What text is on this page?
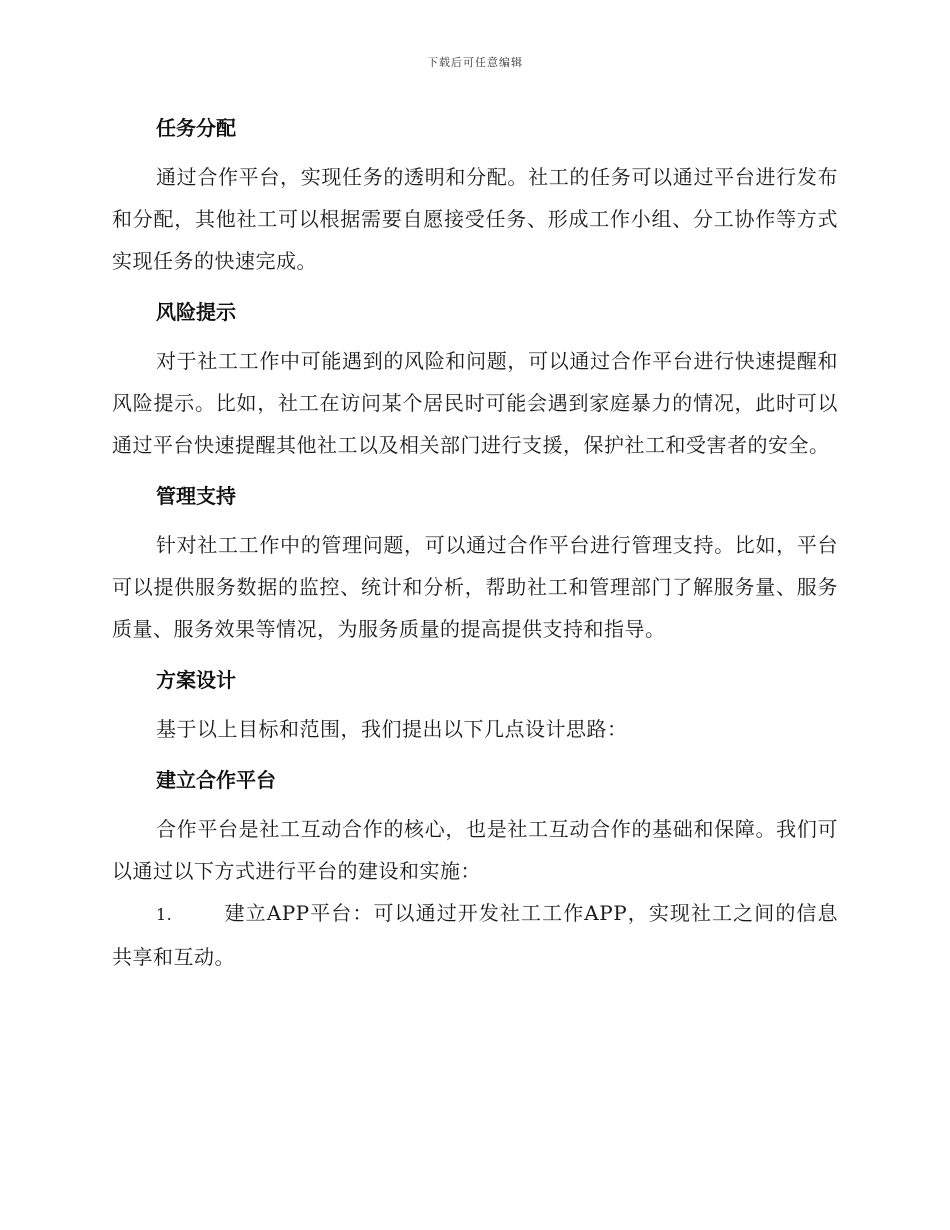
下载后可任意编辑
任务分配

通过合作平台，实现任务的透明和分配。社工的任务可以通过平台进行发布和分配，其他社工可以根据需要自愿接受任务、形成工作小组、分工协作等方式实现任务的快速完成。

风险提示

对于社工工作中可能遇到的风险和问题，可以通过合作平台进行快速提醒和风险提示。比如，社工在访问某个居民时可能会遇到家庭暴力的情况，此时可以通过平台快速提醒其他社工以及相关部门进行支援，保护社工和受害者的安全。

管理支持

针对社工工作中的管理问题，可以通过合作平台进行管理支持。比如，平台可以提供服务数据的监控、统计和分析，帮助社工和管理部门了解服务量、服务质量、服务效果等情况，为服务质量的提高提供支持和指导。

方案设计

基于以上目标和范围，我们提出以下几点设计思路：

建立合作平台

合作平台是社工互动合作的核心，也是社工互动合作的基础和保障。我们可以通过以下方式进行平台的建设和实施：

1.	建立APP平台：可以通过开发社工工作APP，实现社工之间的信息共享和互动。
